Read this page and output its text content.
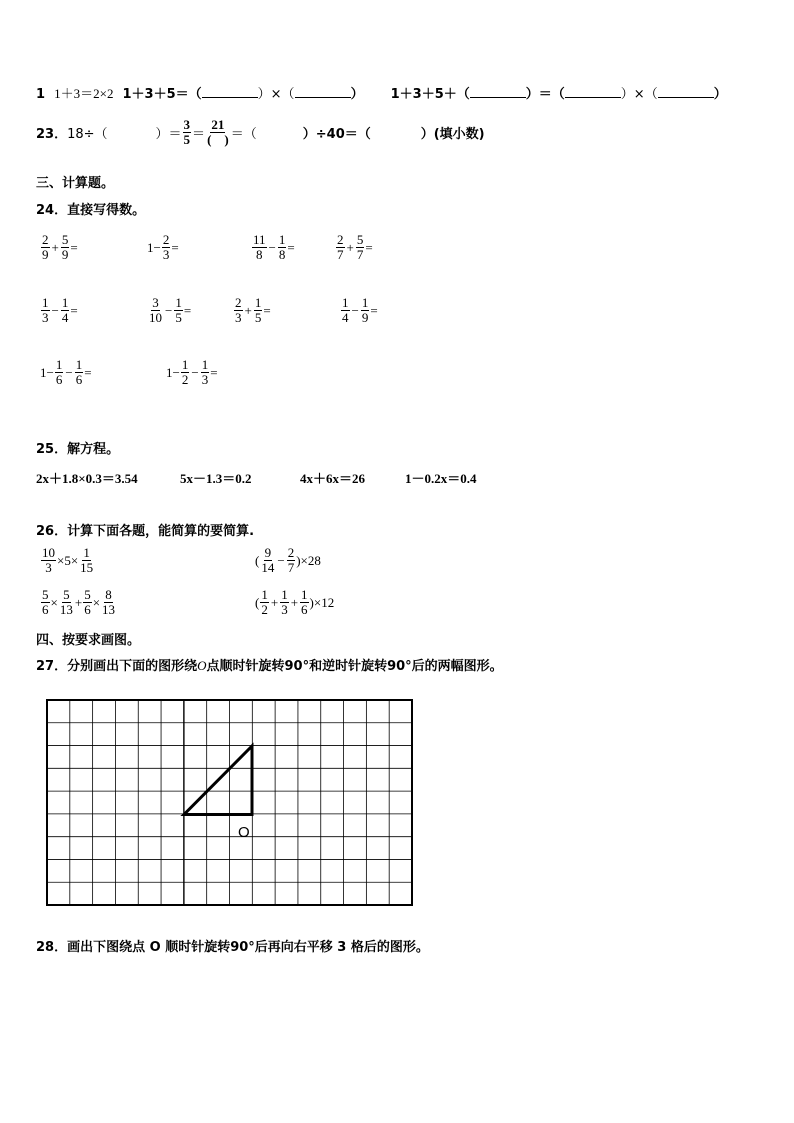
1 1＋3＝2×2 1＋3＋5＝（	）×（	） 1＋3＋5＋（	）＝（	）×（	）
23． 18÷（	）＝ $\frac{3}{5} = \frac{21}{( )}$ ＝（	）÷40＝（	）(填小数)
三、计算题。
24．直接写得数。
$\frac{2}{9} + \frac{5}{9}$ =	$1- \frac{2}{3}$ =	$\frac{11}{8} - \frac{1}{8}$ =	$\frac{2}{7} + \frac{5}{7}$ =
$\frac{1}{3} - \frac{1}{4}$ =	$\frac{3}{10} - \frac{1}{5}$ =	$\frac{2}{3} + \frac{1}{5}$ =	$\frac{1}{4} - \frac{1}{9}$ =
$1- \frac{1}{6} - \frac{1}{6}$ =	$1- \frac{1}{2} - \frac{1}{3}$ =
25．解方程。
2x＋1.8×0.3＝3.54	5x－1.3＝0.2	4x＋6x＝26	1－0.2x＝0.4
26．计算下面各题，能简算的要简算.
$\frac{10}{3} \times 5\times \frac{1}{15}$	( $\frac{9}{14} - \frac{2}{7} )\times 28$
$\frac{5}{6} \times \frac{5}{13} + \frac{5}{6} \times \frac{8}{13}$	( $\frac{1}{2} + \frac{1}{3} + \frac{1}{6} )\times 12$
四、按要求画图。
27．分别画出下面的图形绕O点顺时针旋转90°和逆时针旋转90°后的两幅图形。
O
28．画出下图绕点 O 顺时针旋转90°后再向右平移 3 格后的图形。
